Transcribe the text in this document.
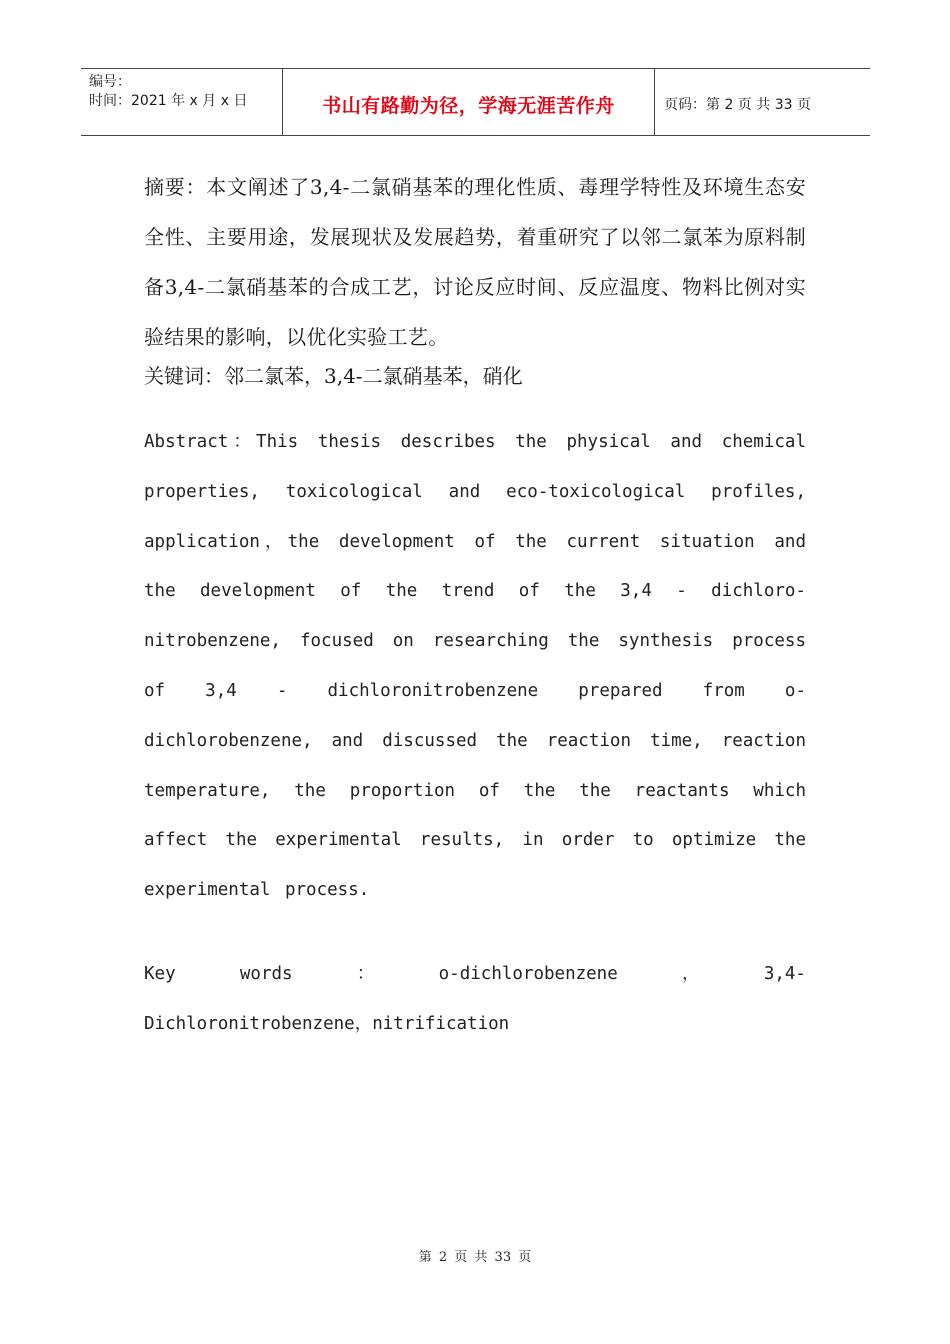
编号：
时间：2021 年 x 月 x 日	书山有路勤为径，学海无涯苦作舟	页码：第 2 页 共 33 页

摘要：本文阐述了3,4-二氯硝基苯的理化性质、毒理学特性及环境生态安全性、主要用途，发展现状及发展趋势，着重研究了以邻二氯苯为原料制备3,4-二氯硝基苯的合成工艺，讨论反应时间、反应温度、物料比例对实验结果的影响，以优化实验工艺。

关键词：邻二氯苯，3,4-二氯硝基苯，硝化

Abstract：This thesis describes the physical and chemical properties, toxicological and eco-toxicological profiles, application，the development of the current situation and the development of the trend of the 3,4 - dichloro-nitrobenzene, focused on researching the synthesis process of 3,4 - dichloronitrobenzene prepared from o-dichlorobenzene, and discussed the reaction time, reaction temperature, the proportion of the the reactants which affect the experimental results, in order to optimize the experimental process.

Key	words	：	o-dichlorobenzene	，	3,4-
Dichloronitrobenzene，nitrification
第 2 页 共 33 页
